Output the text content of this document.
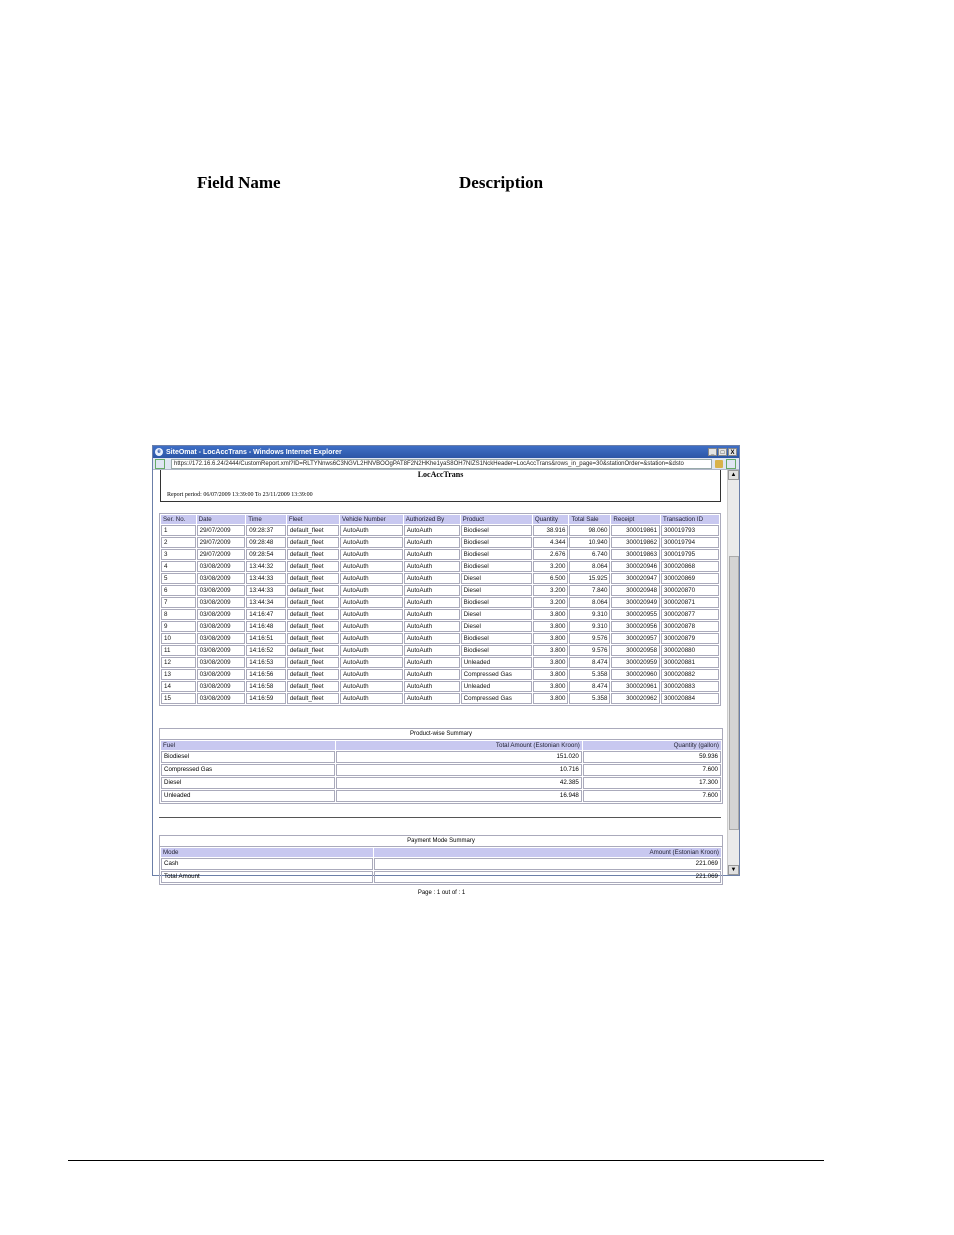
Field Name	Description
e SiteOmat - LocAccTrans - Windows Internet Explorer	_	□	X
https://172.16.6.24/2444/CustomReport.xml?ID=RLTYNnws6C3NGVL2HNVBOOgPAT8F2N2HKhe1yaS8OH7NIZS1NckHeader=LocAccTrans&rows_in_page=30&stationOrder=&station=&dsto
LocAccTrans
Report period: 06/07/2009 13:39:00 To 23/11/2009 13:39:00
Ser. No.	Date	Time	Fleet	Vehicle Number	Authorized By	Product	Quantity	Total Sale	Receipt	Transaction ID
1	29/07/2009	09:28:37	default_fleet	AutoAuth	AutoAuth	Biodiesel	38.916	98.060	300019861	300019793
2	29/07/2009	09:28:48	default_fleet	AutoAuth	AutoAuth	Biodiesel	4.344	10.940	300019862	300019794
3	29/07/2009	09:28:54	default_fleet	AutoAuth	AutoAuth	Biodiesel	2.676	6.740	300019863	300019795
4	03/08/2009	13:44:32	default_fleet	AutoAuth	AutoAuth	Biodiesel	3.200	8.064	300020946	300020868
5	03/08/2009	13:44:33	default_fleet	AutoAuth	AutoAuth	Diesel	6.500	15.925	300020947	300020869
6	03/08/2009	13:44:33	default_fleet	AutoAuth	AutoAuth	Diesel	3.200	7.840	300020948	300020870
7	03/08/2009	13:44:34	default_fleet	AutoAuth	AutoAuth	Biodiesel	3.200	8.064	300020949	300020871
8	03/08/2009	14:16:47	default_fleet	AutoAuth	AutoAuth	Diesel	3.800	9.310	300020955	300020877
9	03/08/2009	14:16:48	default_fleet	AutoAuth	AutoAuth	Diesel	3.800	9.310	300020956	300020878
10	03/08/2009	14:16:51	default_fleet	AutoAuth	AutoAuth	Biodiesel	3.800	9.576	300020957	300020879
11	03/08/2009	14:16:52	default_fleet	AutoAuth	AutoAuth	Biodiesel	3.800	9.576	300020958	300020880
12	03/08/2009	14:16:53	default_fleet	AutoAuth	AutoAuth	Unleaded	3.800	8.474	300020959	300020881
13	03/08/2009	14:16:56	default_fleet	AutoAuth	AutoAuth	Compressed Gas	3.800	5.358	300020960	300020882
14	03/08/2009	14:16:58	default_fleet	AutoAuth	AutoAuth	Unleaded	3.800	8.474	300020961	300020883
15	03/08/2009	14:16:59	default_fleet	AutoAuth	AutoAuth	Compressed Gas	3.800	5.358	300020962	300020884
Product-wise Summary
Fuel	Total Amount (Estonian Kroon)	Quantity (gallon)
Biodiesel	151.020	59.936
Compressed Gas	10.716	7.600
Diesel	42.385	17.300
Unleaded	16.948	7.600
Payment Mode Summary
Mode	Amount (Estonian Kroon)
Cash	221.069
Total Amount	221.069
Page : 1 out of : 1
▲
▼
